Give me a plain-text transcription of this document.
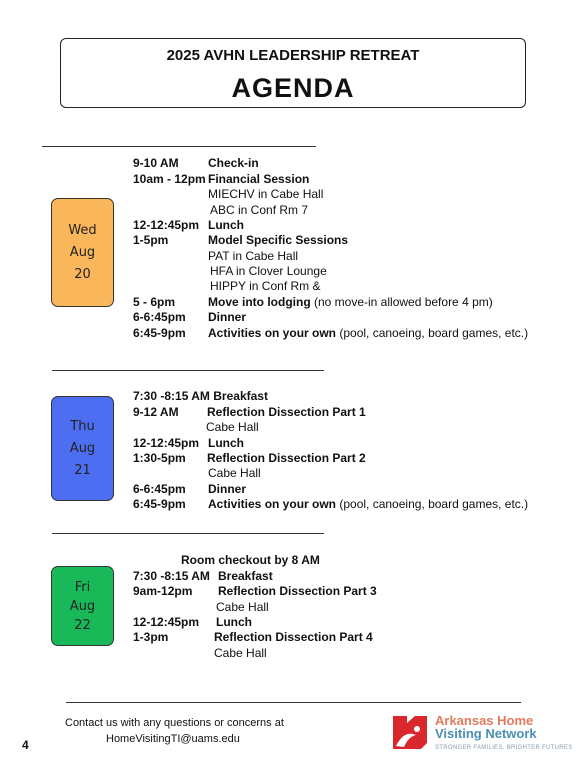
2025 AVHN LEADERSHIP RETREAT
AGENDA
Wed
Aug
20
9-10 AM Check-in
10am - 12pm Financial Session
MIECHV in Cabe Hall
ABC in Conf Rm 7
12-12:45pm Lunch
1-5pm	Model Specific Sessions
PAT in Cabe Hall
HFA in Clover Lounge
HIPPY in Conf Rm &
5 - 6pm	Move into lodging (no move-in allowed before 4 pm)
6-6:45pm Dinner
6:45-9pm Activities on your own (pool, canoeing, board games, etc.)
Thu
Aug
21
7:30 -8:15 AM Breakfast
9-12 AM Reflection Dissection Part 1
Cabe Hall
12-12:45pm Lunch
1:30-5pm Reflection Dissection Part 2
Cabe Hall
6-6:45pm Dinner
6:45-9pm Activities on your own (pool, canoeing, board games, etc.)
Fri
Aug
22
Room checkout by 8 AM
7:30 -8:15 AM Breakfast
9am-12pm Reflection Dissection Part 3
Cabe Hall
12-12:45pm Lunch
1-3pm	Reflection Dissection Part 4
Cabe Hall
Contact us with any questions or concerns at
HomeVisitingTI@uams.edu
4
Arkansas Home
Visiting Network
STRONGER FAMILIES, BRIGHTER FUTURES
